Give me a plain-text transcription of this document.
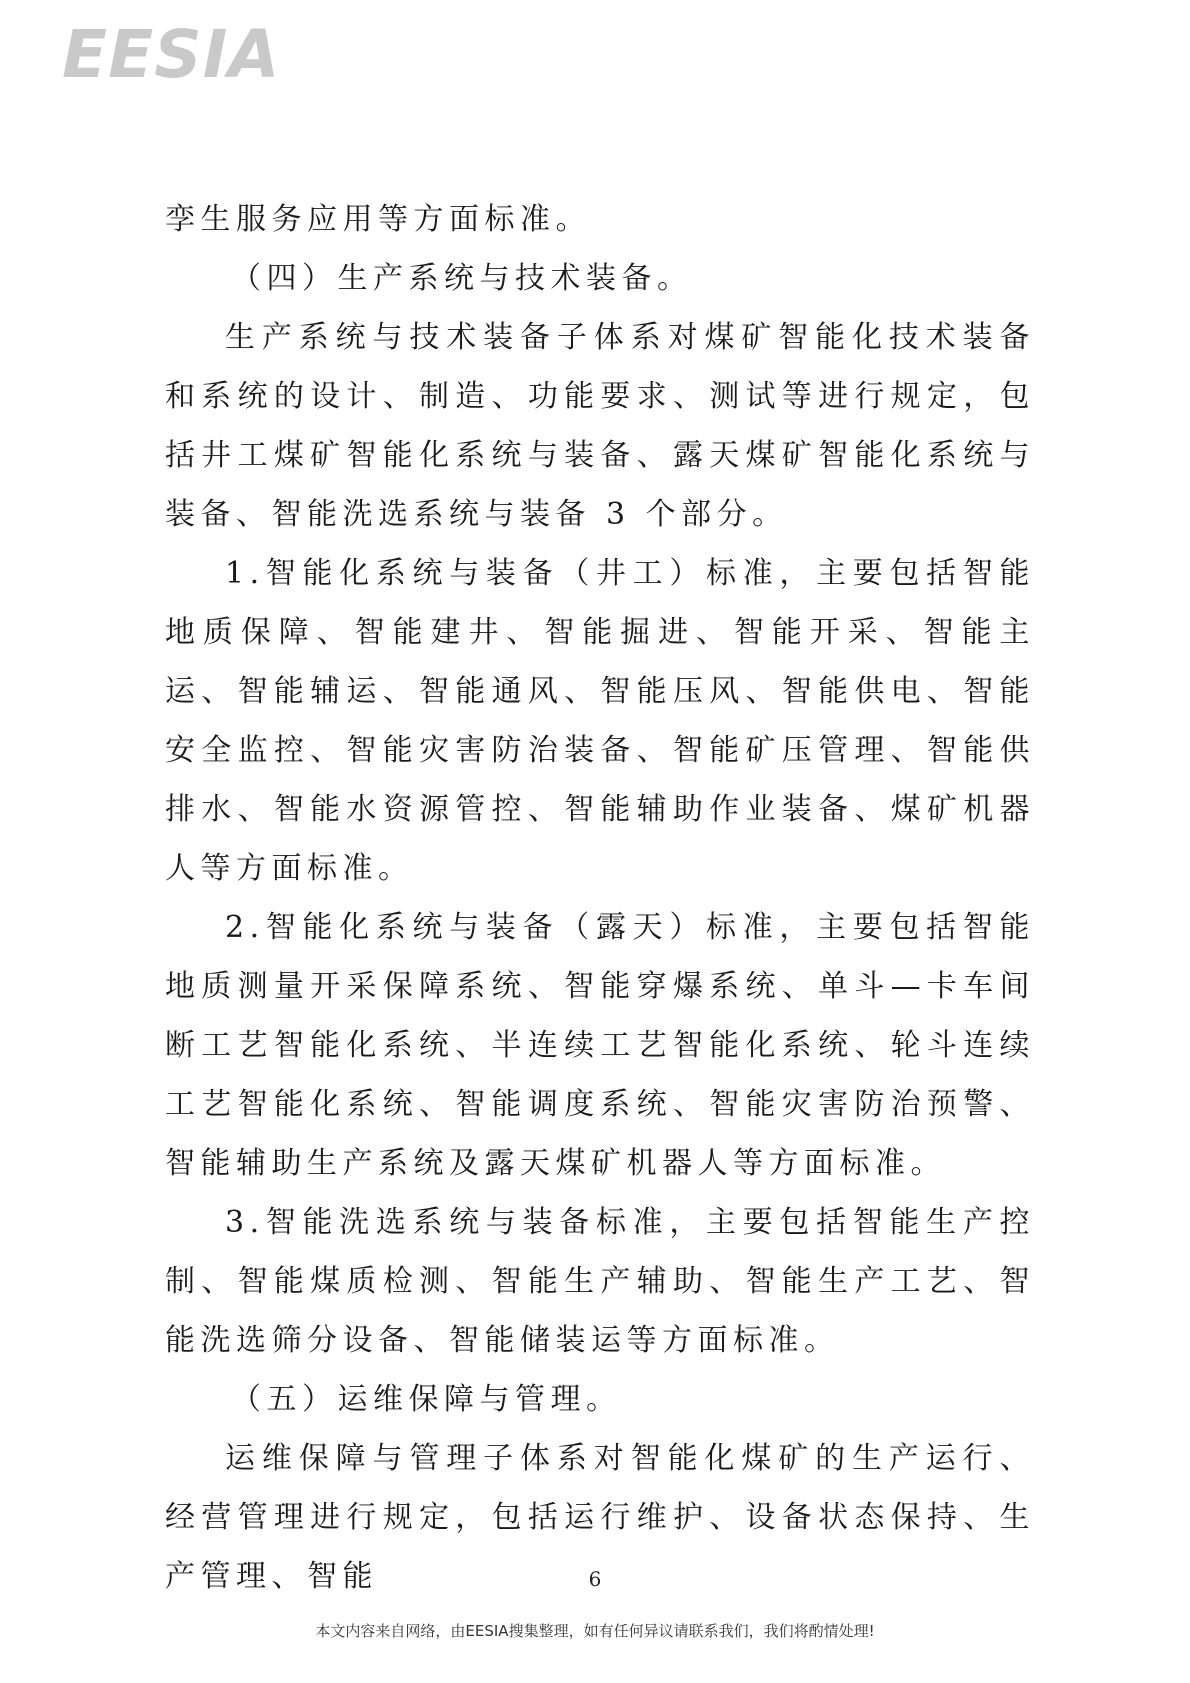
EESIA

孪生服务应用等方面标准。

（四）生产系统与技术装备。

生产系统与技术装备子体系对煤矿智能化技术装备和系统的设计、制造、功能要求、测试等进行规定，包括井工煤矿智能化系统与装备、露天煤矿智能化系统与装备、智能洗选系统与装备 3 个部分。

1.智能化系统与装备（井工）标准，主要包括智能地质保障、智能建井、智能掘进、智能开采、智能主运、智能辅运、智能通风、智能压风、智能供电、智能安全监控、智能灾害防治装备、智能矿压管理、智能供排水、智能水资源管控、智能辅助作业装备、煤矿机器人等方面标准。

2.智能化系统与装备（露天）标准，主要包括智能地质测量开采保障系统、智能穿爆系统、单斗—卡车间断工艺智能化系统、半连续工艺智能化系统、轮斗连续工艺智能化系统、智能调度系统、智能灾害防治预警、智能辅助生产系统及露天煤矿机器人等方面标准。

3.智能洗选系统与装备标准，主要包括智能生产控制、智能煤质检测、智能生产辅助、智能生产工艺、智能洗选筛分设备、智能储装运等方面标准。

（五）运维保障与管理。

运维保障与管理子体系对智能化煤矿的生产运行、经营管理进行规定，包括运行维护、设备状态保持、生产管理、智能	6
本文内容来自网络，由EESIA搜集整理，如有任何异议请联系我们，我们将酌情处理!
